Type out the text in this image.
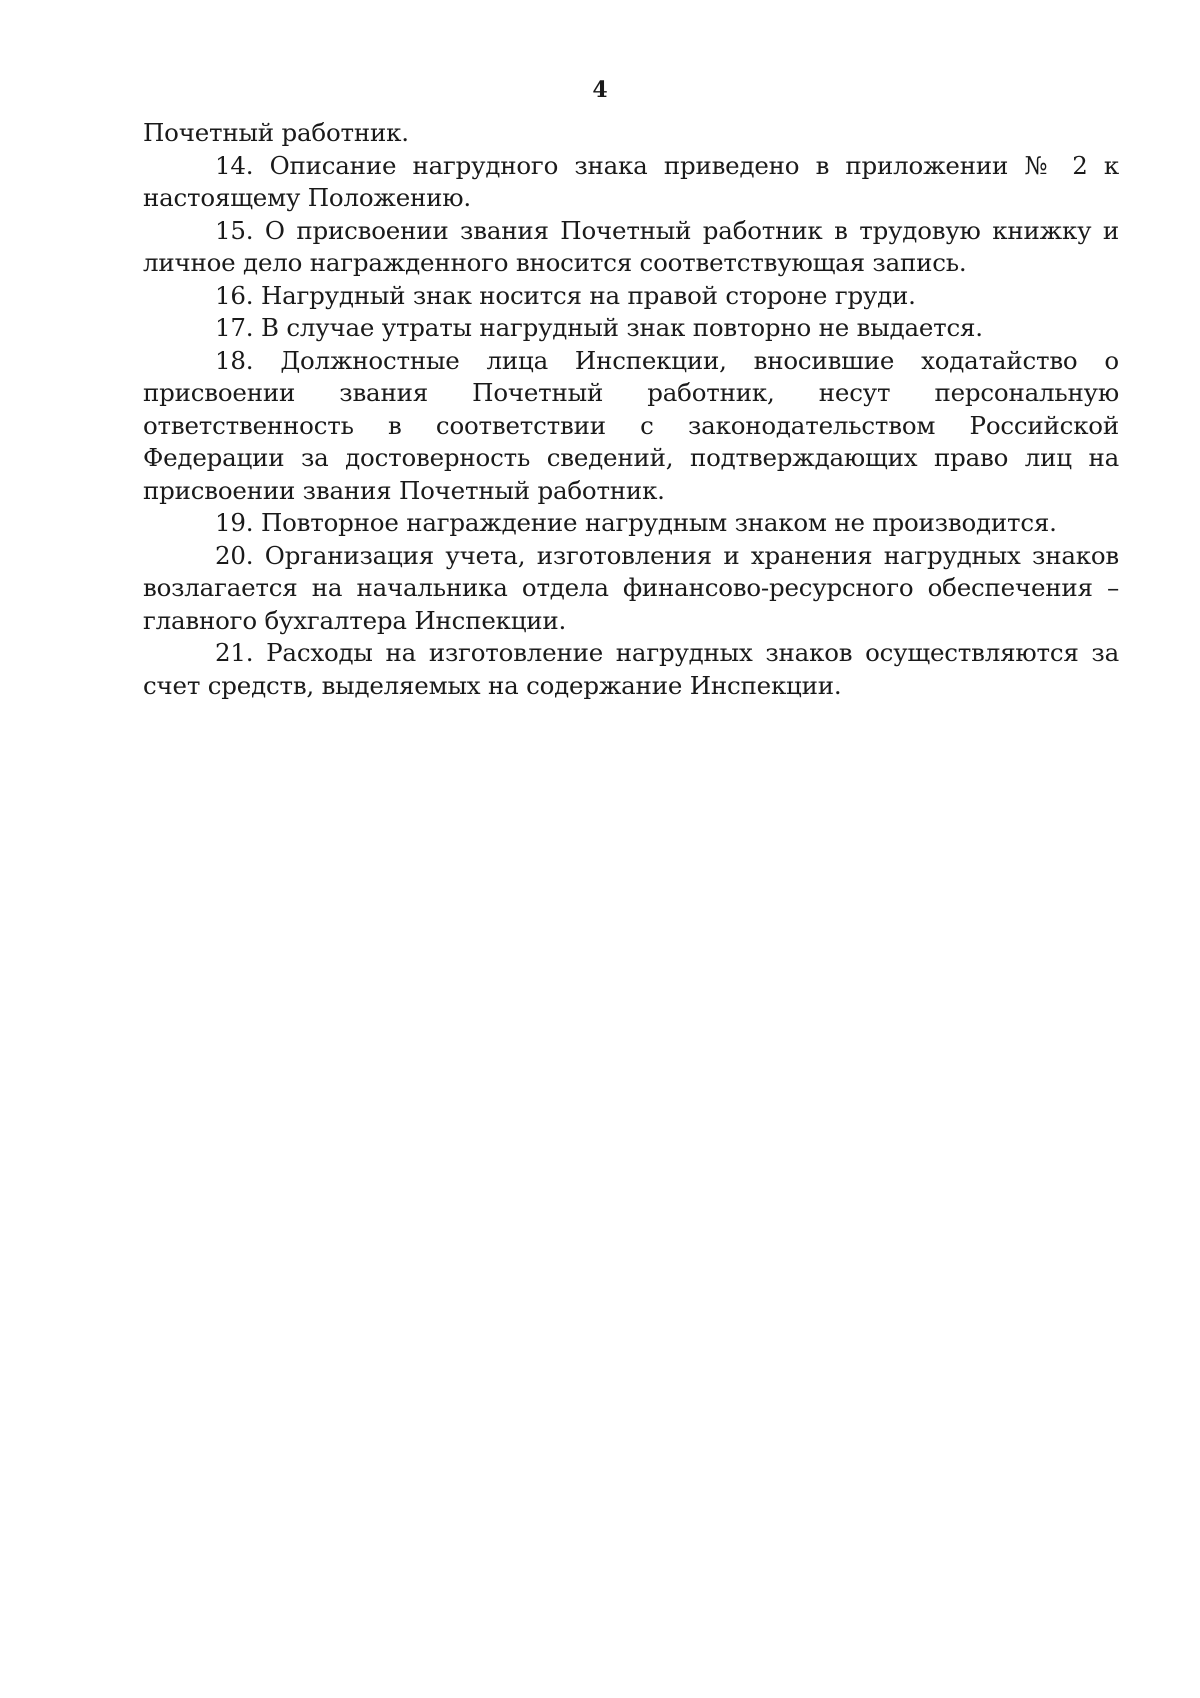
4

Почетный работник.

14. Описание нагрудного знака приведено в приложении № 2 к настоящему Положению.

15. О присвоении звания Почетный работник в трудовую книжку и личное дело награжденного вносится соответствующая запись.

16. Нагрудный знак носится на правой стороне груди.

17. В случае утраты нагрудный знак повторно не выдается.

18. Должностные лица Инспекции, вносившие ходатайство о присвоении звания Почетный работник, несут персональную ответственность в соответствии с законодательством Российской Федерации за достоверность сведений, подтверждающих право лиц на присвоении звания Почетный работник.

19. Повторное награждение нагрудным знаком не производится.

20. Организация учета, изготовления и хранения нагрудных знаков возлагается на начальника отдела финансово-ресурсного обеспечения – главного бухгалтера Инспекции.

21. Расходы на изготовление нагрудных знаков осуществляются за счет средств, выделяемых на содержание Инспекции.
